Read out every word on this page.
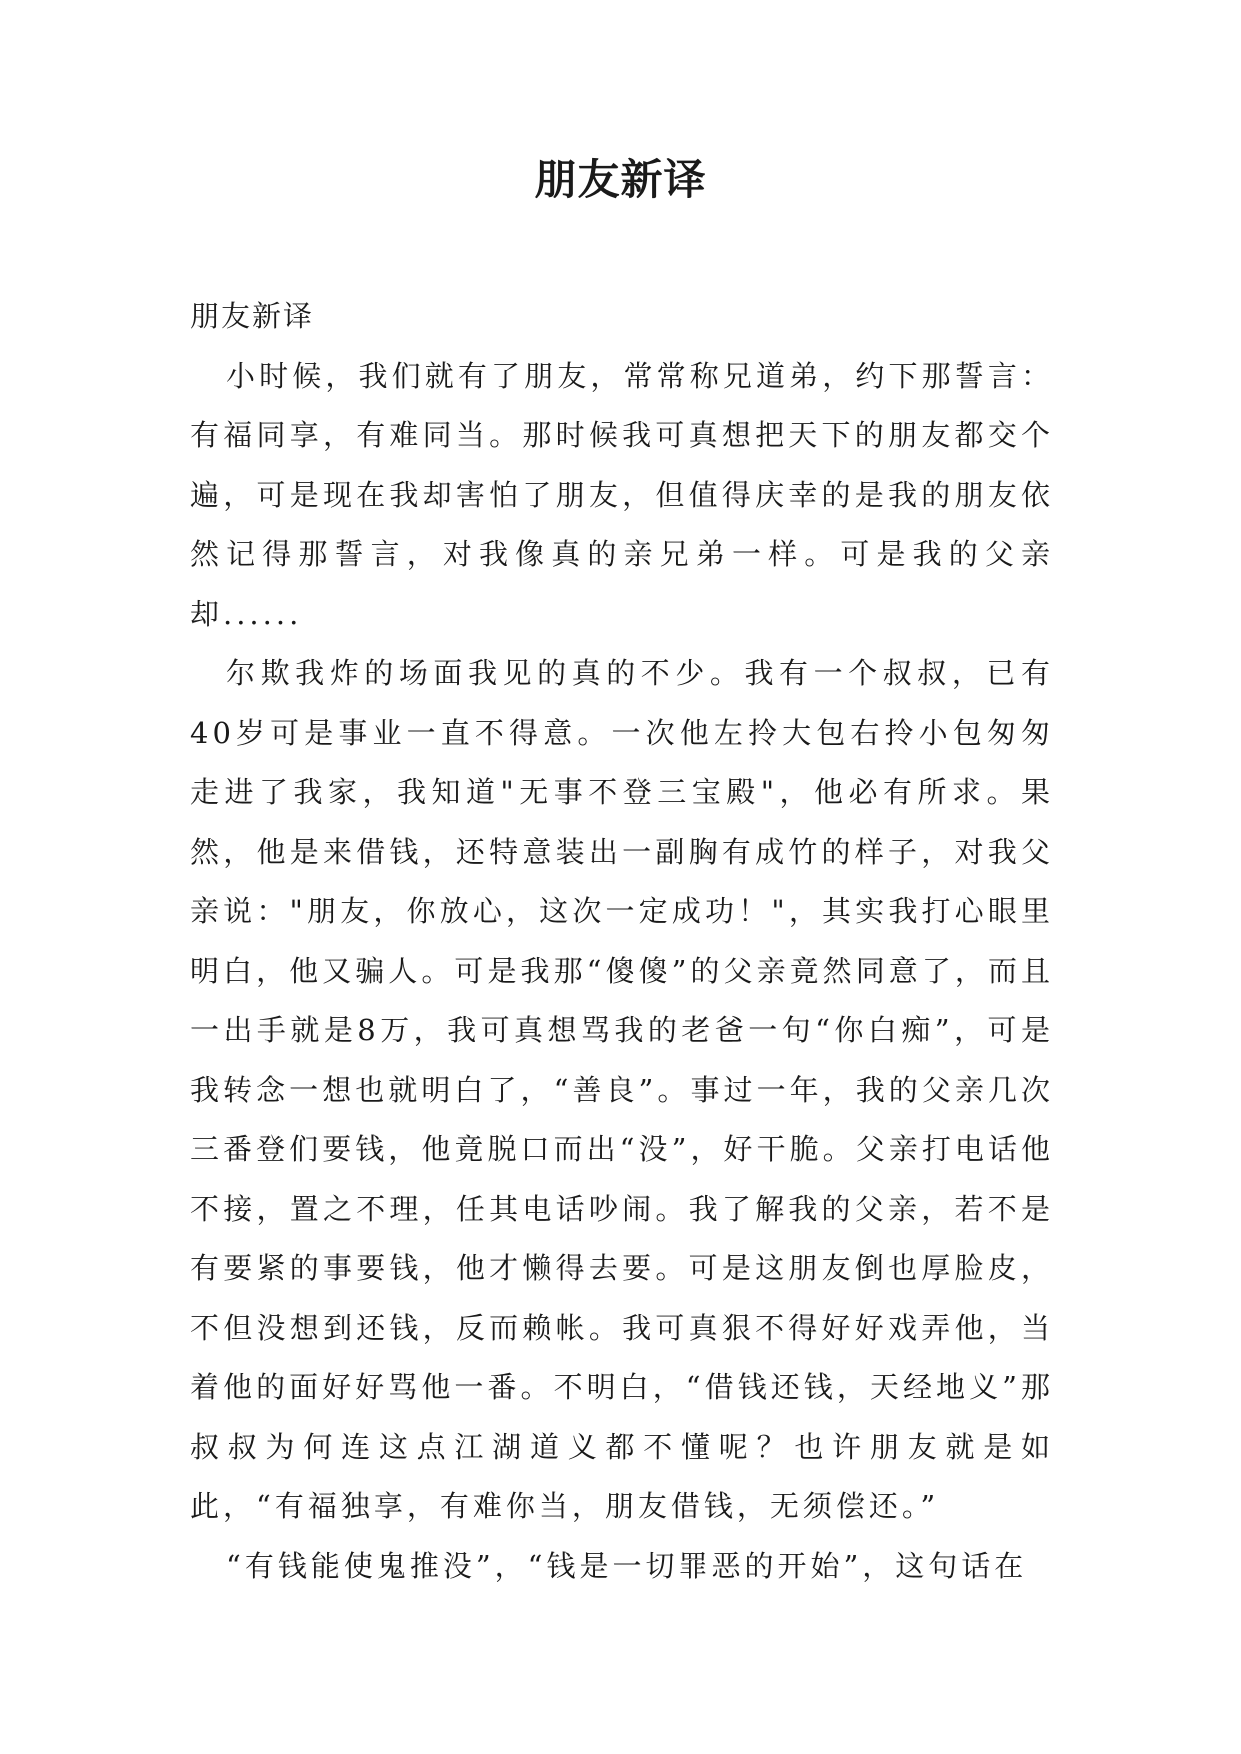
朋友新译

朋友新译

小时候，我们就有了朋友，常常称兄道弟，约下那誓言：有福同享，有难同当。那时候我可真想把天下的朋友都交个遍，可是现在我却害怕了朋友，但值得庆幸的是我的朋友依然记得那誓言，对我像真的亲兄弟一样。可是我的父亲却......

尔欺我炸的场面我见的真的不少。我有一个叔叔，已有40岁可是事业一直不得意。一次他左拎大包右拎小包匆匆走进了我家，我知道"无事不登三宝殿"，他必有所求。果然，他是来借钱，还特意装出一副胸有成竹的样子，对我父亲说："朋友，你放心，这次一定成功！"，其实我打心眼里明白，他又骗人。可是我那“傻傻”的父亲竟然同意了，而且一出手就是8万，我可真想骂我的老爸一句“你白痴”，可是我转念一想也就明白了，“善良”。事过一年，我的父亲几次三番登们要钱，他竟脱口而出“没”，好干脆。父亲打电话他不接，置之不理，任其电话吵闹。我了解我的父亲，若不是有要紧的事要钱，他才懒得去要。可是这朋友倒也厚脸皮，不但没想到还钱，反而赖帐。我可真狠不得好好戏弄他，当着他的面好好骂他一番。不明白，“借钱还钱，天经地义”那叔叔为何连这点江湖道义都不懂呢？也许朋友就是如此，“有福独享，有难你当，朋友借钱，无须偿还。”

“有钱能使鬼推没”，“钱是一切罪恶的开始”，这句话在
